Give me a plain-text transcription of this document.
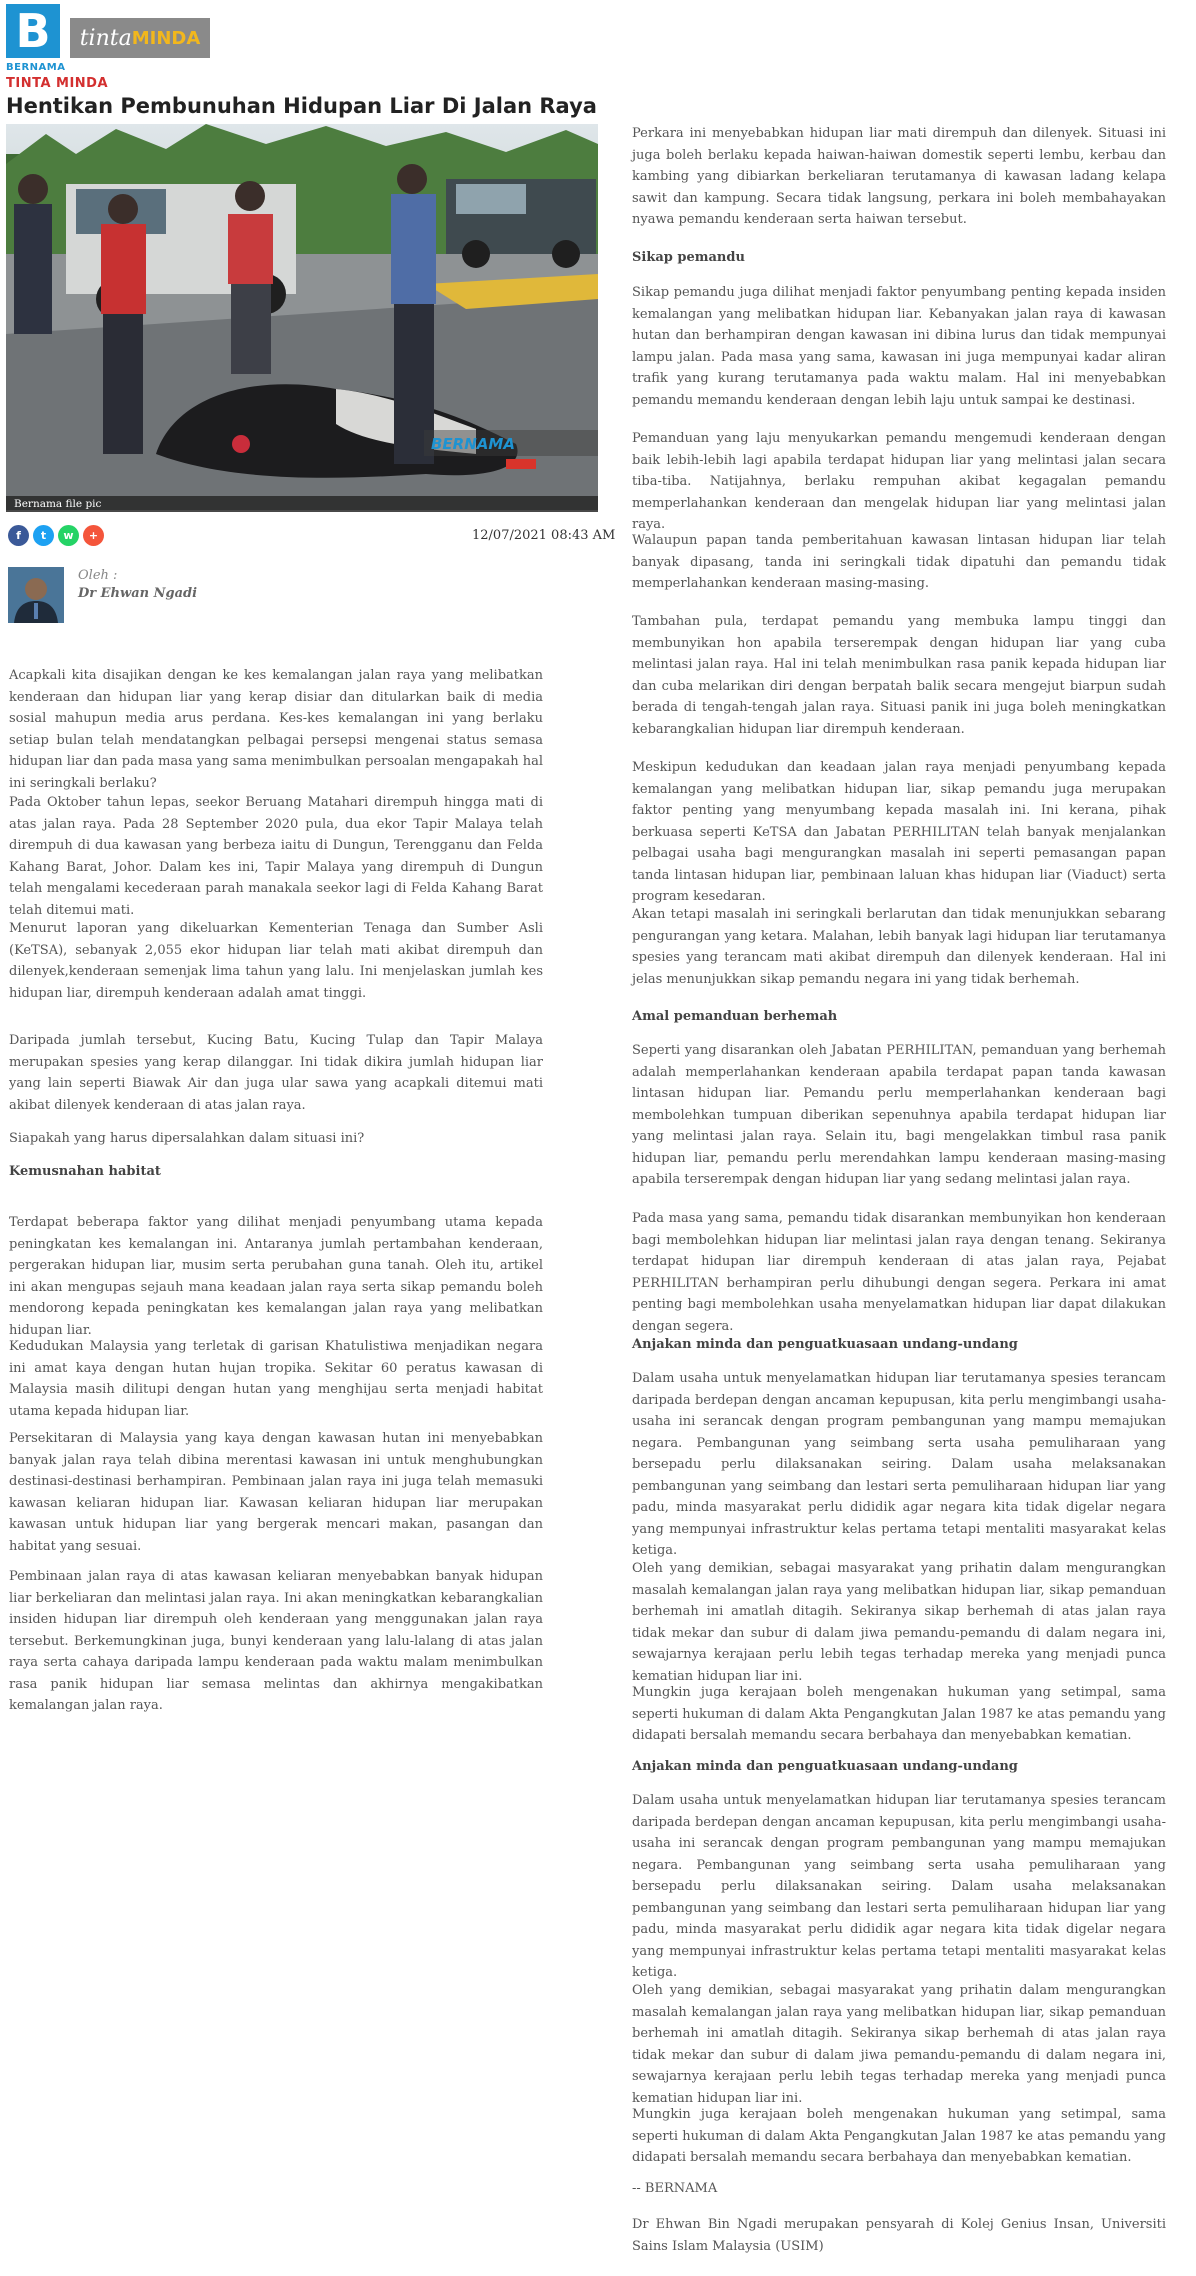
B
BERNAMA
tinta MINDA
TINTA MINDA
Hentikan Pembunuhan Hidupan Liar Di Jalan Raya
BERNAMA
Bernama file pic
f t w +	12/07/2021 08:43 AM
Oleh :
Dr Ehwan Ngadi

Acapkali kita disajikan dengan ke kes kemalangan jalan raya yang melibatkan kenderaan dan hidupan liar yang kerap disiar dan ditularkan baik di media sosial mahupun media arus perdana. Kes-kes kemalangan ini yang berlaku setiap bulan telah mendatangkan pelbagai persepsi mengenai status semasa hidupan liar dan pada masa yang sama menimbulkan persoalan mengapakah hal ini seringkali berlaku?

Pada Oktober tahun lepas, seekor Beruang Matahari dirempuh hingga mati di atas jalan raya. Pada 28 September 2020 pula, dua ekor Tapir Malaya telah dirempuh di dua kawasan yang berbeza iaitu di Dungun, Terengganu dan Felda Kahang Barat, Johor. Dalam kes ini, Tapir Malaya yang dirempuh di Dungun telah mengalami kecederaan parah manakala seekor lagi di Felda Kahang Barat telah ditemui mati.

Menurut laporan yang dikeluarkan Kementerian Tenaga dan Sumber Asli (KeTSA), sebanyak 2,055 ekor hidupan liar telah mati akibat dirempuh dan dilenyek,kenderaan semenjak lima tahun yang lalu. Ini menjelaskan jumlah kes hidupan liar, dirempuh kenderaan adalah amat tinggi.

Daripada jumlah tersebut, Kucing Batu, Kucing Tulap dan Tapir Malaya merupakan spesies yang kerap dilanggar. Ini tidak dikira jumlah hidupan liar yang lain seperti Biawak Air dan juga ular sawa yang acapkali ditemui mati akibat dilenyek kenderaan di atas jalan raya.

Siapakah yang harus dipersalahkan dalam situasi ini?

Kemusnahan habitat

Terdapat beberapa faktor yang dilihat menjadi penyumbang utama kepada peningkatan kes kemalangan ini. Antaranya jumlah pertambahan kenderaan, pergerakan hidupan liar, musim serta perubahan guna tanah. Oleh itu, artikel ini akan mengupas sejauh mana keadaan jalan raya serta sikap pemandu boleh mendorong kepada peningkatan kes kemalangan jalan raya yang melibatkan hidupan liar.

Kedudukan Malaysia yang terletak di garisan Khatulistiwa menjadikan negara ini amat kaya dengan hutan hujan tropika. Sekitar 60 peratus kawasan di Malaysia masih dilitupi dengan hutan yang menghijau serta menjadi habitat utama kepada hidupan liar.

Persekitaran di Malaysia yang kaya dengan kawasan hutan ini menyebabkan banyak jalan raya telah dibina merentasi kawasan ini untuk menghubungkan destinasi-destinasi berhampiran. Pembinaan jalan raya ini juga telah memasuki kawasan keliaran hidupan liar. Kawasan keliaran hidupan liar merupakan kawasan untuk hidupan liar yang bergerak mencari makan, pasangan dan habitat yang sesuai.

Pembinaan jalan raya di atas kawasan keliaran menyebabkan banyak hidupan liar berkeliaran dan melintasi jalan raya. Ini akan meningkatkan kebarangkalian insiden hidupan liar dirempuh oleh kenderaan yang menggunakan jalan raya tersebut. Berkemungkinan juga, bunyi kenderaan yang lalu-lalang di atas jalan raya serta cahaya daripada lampu kenderaan pada waktu malam menimbulkan rasa panik hidupan liar semasa melintas dan akhirnya mengakibatkan kemalangan jalan raya.

Perkara ini menyebabkan hidupan liar mati dirempuh dan dilenyek. Situasi ini juga boleh berlaku kepada haiwan-haiwan domestik seperti lembu, kerbau dan kambing yang dibiarkan berkeliaran terutamanya di kawasan ladang kelapa sawit dan kampung. Secara tidak langsung, perkara ini boleh membahayakan nyawa pemandu kenderaan serta haiwan tersebut.

Sikap pemandu

Sikap pemandu juga dilihat menjadi faktor penyumbang penting kepada insiden kemalangan yang melibatkan hidupan liar. Kebanyakan jalan raya di kawasan hutan dan berhampiran dengan kawasan ini dibina lurus dan tidak mempunyai lampu jalan. Pada masa yang sama, kawasan ini juga mempunyai kadar aliran trafik yang kurang terutamanya pada waktu malam. Hal ini menyebabkan pemandu memandu kenderaan dengan lebih laju untuk sampai ke destinasi.

Pemanduan yang laju menyukarkan pemandu mengemudi kenderaan dengan baik lebih-lebih lagi apabila terdapat hidupan liar yang melintasi jalan secara tiba-tiba. Natijahnya, berlaku rempuhan akibat kegagalan pemandu memperlahankan kenderaan dan mengelak hidupan liar yang melintasi jalan raya.

Walaupun papan tanda pemberitahuan kawasan lintasan hidupan liar telah banyak dipasang, tanda ini seringkali tidak dipatuhi dan pemandu tidak memperlahankan kenderaan masing-masing.

Tambahan pula, terdapat pemandu yang membuka lampu tinggi dan membunyikan hon apabila terserempak dengan hidupan liar yang cuba melintasi jalan raya. Hal ini telah menimbulkan rasa panik kepada hidupan liar dan cuba melarikan diri dengan berpatah balik secara mengejut biarpun sudah berada di tengah-tengah jalan raya. Situasi panik ini juga boleh meningkatkan kebarangkalian hidupan liar dirempuh kenderaan.

Meskipun kedudukan dan keadaan jalan raya menjadi penyumbang kepada kemalangan yang melibatkan hidupan liar, sikap pemandu juga merupakan faktor penting yang menyumbang kepada masalah ini. Ini kerana, pihak berkuasa seperti KeTSA dan Jabatan PERHILITAN telah banyak menjalankan pelbagai usaha bagi mengurangkan masalah ini seperti pemasangan papan tanda lintasan hidupan liar, pembinaan laluan khas hidupan liar (Viaduct) serta program kesedaran.

Akan tetapi masalah ini seringkali berlarutan dan tidak menunjukkan sebarang pengurangan yang ketara. Malahan, lebih banyak lagi hidupan liar terutamanya spesies yang terancam mati akibat dirempuh dan dilenyek kenderaan. Hal ini jelas menunjukkan sikap pemandu negara ini yang tidak berhemah.

Amal pemanduan berhemah

Seperti yang disarankan oleh Jabatan PERHILITAN, pemanduan yang berhemah adalah memperlahankan kenderaan apabila terdapat papan tanda kawasan lintasan hidupan liar. Pemandu perlu memperlahankan kenderaan bagi membolehkan tumpuan diberikan sepenuhnya apabila terdapat hidupan liar yang melintasi jalan raya. Selain itu, bagi mengelakkan timbul rasa panik hidupan liar, pemandu perlu merendahkan lampu kenderaan masing-masing apabila terserempak dengan hidupan liar yang sedang melintasi jalan raya.

Pada masa yang sama, pemandu tidak disarankan membunyikan hon kenderaan bagi membolehkan hidupan liar melintasi jalan raya dengan tenang. Sekiranya terdapat hidupan liar dirempuh kenderaan di atas jalan raya, Pejabat PERHILITAN berhampiran perlu dihubungi dengan segera. Perkara ini amat penting bagi membolehkan usaha menyelamatkan hidupan liar dapat dilakukan dengan segera.

Anjakan minda dan penguatkuasaan undang-undang

Dalam usaha untuk menyelamatkan hidupan liar terutamanya spesies terancam daripada berdepan dengan ancaman kepupusan, kita perlu mengimbangi usaha-usaha ini serancak dengan program pembangunan yang mampu memajukan negara. Pembangunan yang seimbang serta usaha pemuliharaan yang bersepadu perlu dilaksanakan seiring. Dalam usaha melaksanakan pembangunan yang seimbang dan lestari serta pemuliharaan hidupan liar yang padu, minda masyarakat perlu dididik agar negara kita tidak digelar negara yang mempunyai infrastruktur kelas pertama tetapi mentaliti masyarakat kelas ketiga.

Oleh yang demikian, sebagai masyarakat yang prihatin dalam mengurangkan masalah kemalangan jalan raya yang melibatkan hidupan liar, sikap pemanduan berhemah ini amatlah ditagih. Sekiranya sikap berhemah di atas jalan raya tidak mekar dan subur di dalam jiwa pemandu-pemandu di dalam negara ini, sewajarnya kerajaan perlu lebih tegas terhadap mereka yang menjadi punca kematian hidupan liar ini.

Mungkin juga kerajaan boleh mengenakan hukuman yang setimpal, sama seperti hukuman di dalam Akta Pengangkutan Jalan 1987 ke atas pemandu yang didapati bersalah memandu secara berbahaya dan menyebabkan kematian.

Anjakan minda dan penguatkuasaan undang-undang

Dalam usaha untuk menyelamatkan hidupan liar terutamanya spesies terancam daripada berdepan dengan ancaman kepupusan, kita perlu mengimbangi usaha-usaha ini serancak dengan program pembangunan yang mampu memajukan negara. Pembangunan yang seimbang serta usaha pemuliharaan yang bersepadu perlu dilaksanakan seiring. Dalam usaha melaksanakan pembangunan yang seimbang dan lestari serta pemuliharaan hidupan liar yang padu, minda masyarakat perlu dididik agar negara kita tidak digelar negara yang mempunyai infrastruktur kelas pertama tetapi mentaliti masyarakat kelas ketiga.

Oleh yang demikian, sebagai masyarakat yang prihatin dalam mengurangkan masalah kemalangan jalan raya yang melibatkan hidupan liar, sikap pemanduan berhemah ini amatlah ditagih. Sekiranya sikap berhemah di atas jalan raya tidak mekar dan subur di dalam jiwa pemandu-pemandu di dalam negara ini, sewajarnya kerajaan perlu lebih tegas terhadap mereka yang menjadi punca kematian hidupan liar ini.

Mungkin juga kerajaan boleh mengenakan hukuman yang setimpal, sama seperti hukuman di dalam Akta Pengangkutan Jalan 1987 ke atas pemandu yang didapati bersalah memandu secara berbahaya dan menyebabkan kematian.

-- BERNAMA

Dr Ehwan Bin Ngadi merupakan pensyarah di Kolej Genius Insan, Universiti Sains Islam Malaysia (USIM)
